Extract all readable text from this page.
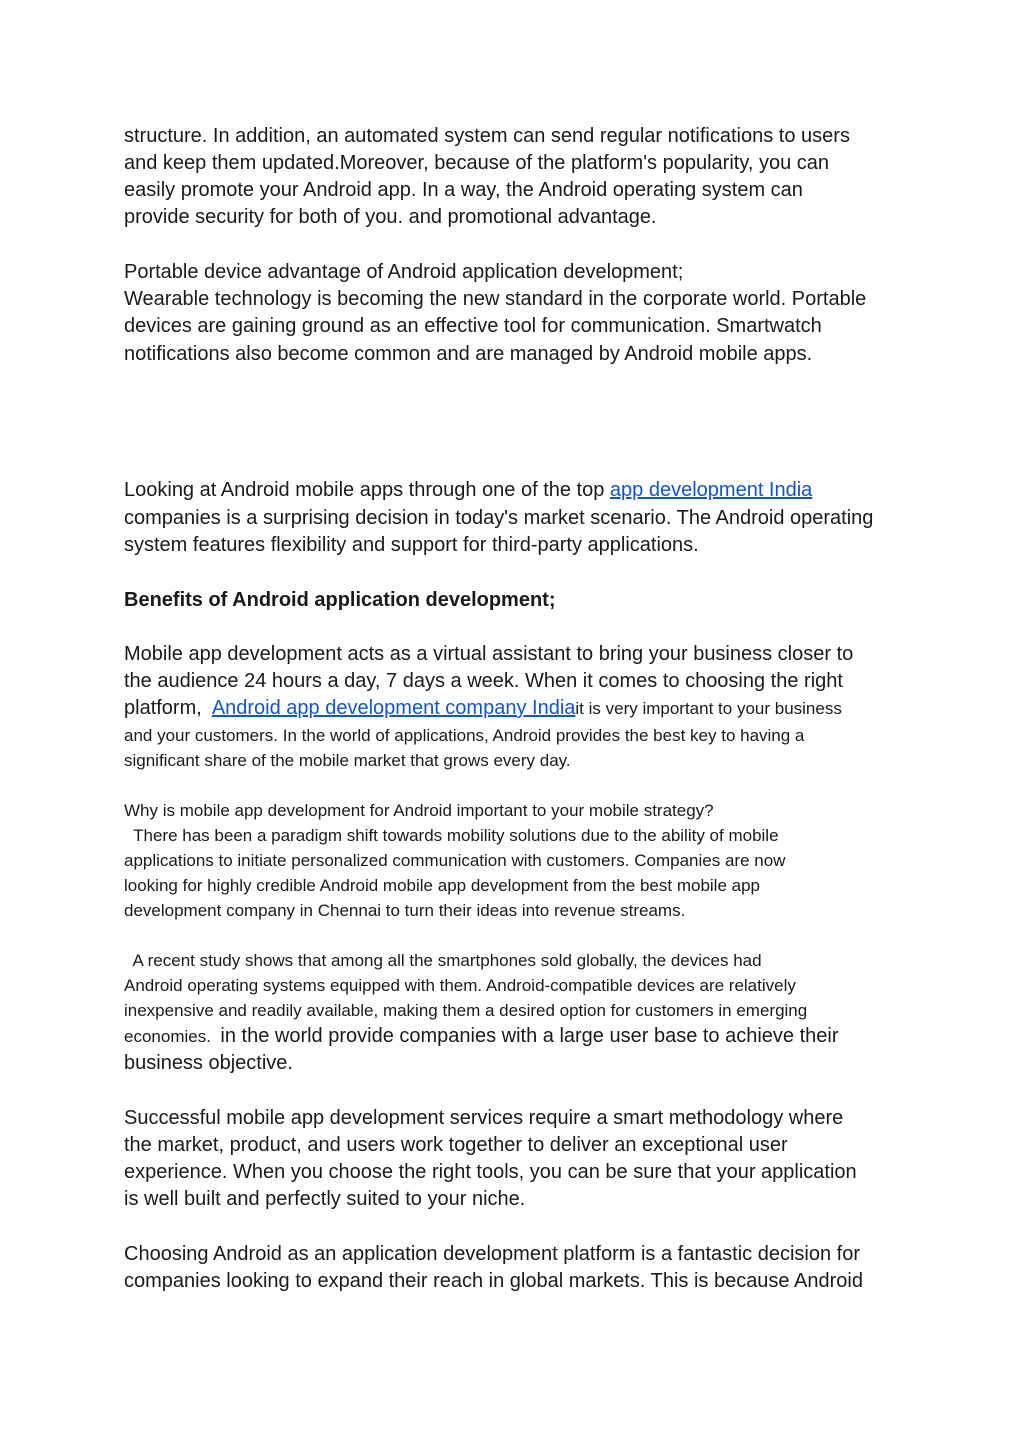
structure. In addition, an automated system can send regular notifications to users
and keep them updated.Moreover, because of the platform's popularity, you can
easily promote your Android app. In a way, the Android operating system can
provide security for both of you. and promotional advantage.
Portable device advantage of Android application development;
Wearable technology is becoming the new standard in the corporate world. Portable
devices are gaining ground as an effective tool for communication. Smartwatch
notifications also become common and are managed by Android mobile apps.
Looking at Android mobile apps through one of the top app development India
companies is a surprising decision in today's market scenario. The Android operating
system features flexibility and support for third-party applications.
Benefits of Android application development;
Mobile app development acts as a virtual assistant to bring your business closer to
the audience 24 hours a day, 7 days a week. When it comes to choosing the right
platform,  Android app development company Indiait is very important to your business
and your customers. In the world of applications, Android provides the best key to having a
significant share of the mobile market that grows every day.
Why is mobile app development for Android important to your mobile strategy?
There has been a paradigm shift towards mobility solutions due to the ability of mobile
applications to initiate personalized communication with customers. Companies are now
looking for highly credible Android mobile app development from the best mobile app
development company in Chennai to turn their ideas into revenue streams.
A recent study shows that among all the smartphones sold globally, the devices had
Android operating systems equipped with them. Android-compatible devices are relatively
inexpensive and readily available, making them a desired option for customers in emerging
economies.  in the world provide companies with a large user base to achieve their
business objective.
Successful mobile app development services require a smart methodology where
the market, product, and users work together to deliver an exceptional user
experience. When you choose the right tools, you can be sure that your application
is well built and perfectly suited to your niche.
Choosing Android as an application development platform is a fantastic decision for
companies looking to expand their reach in global markets. This is because Android
